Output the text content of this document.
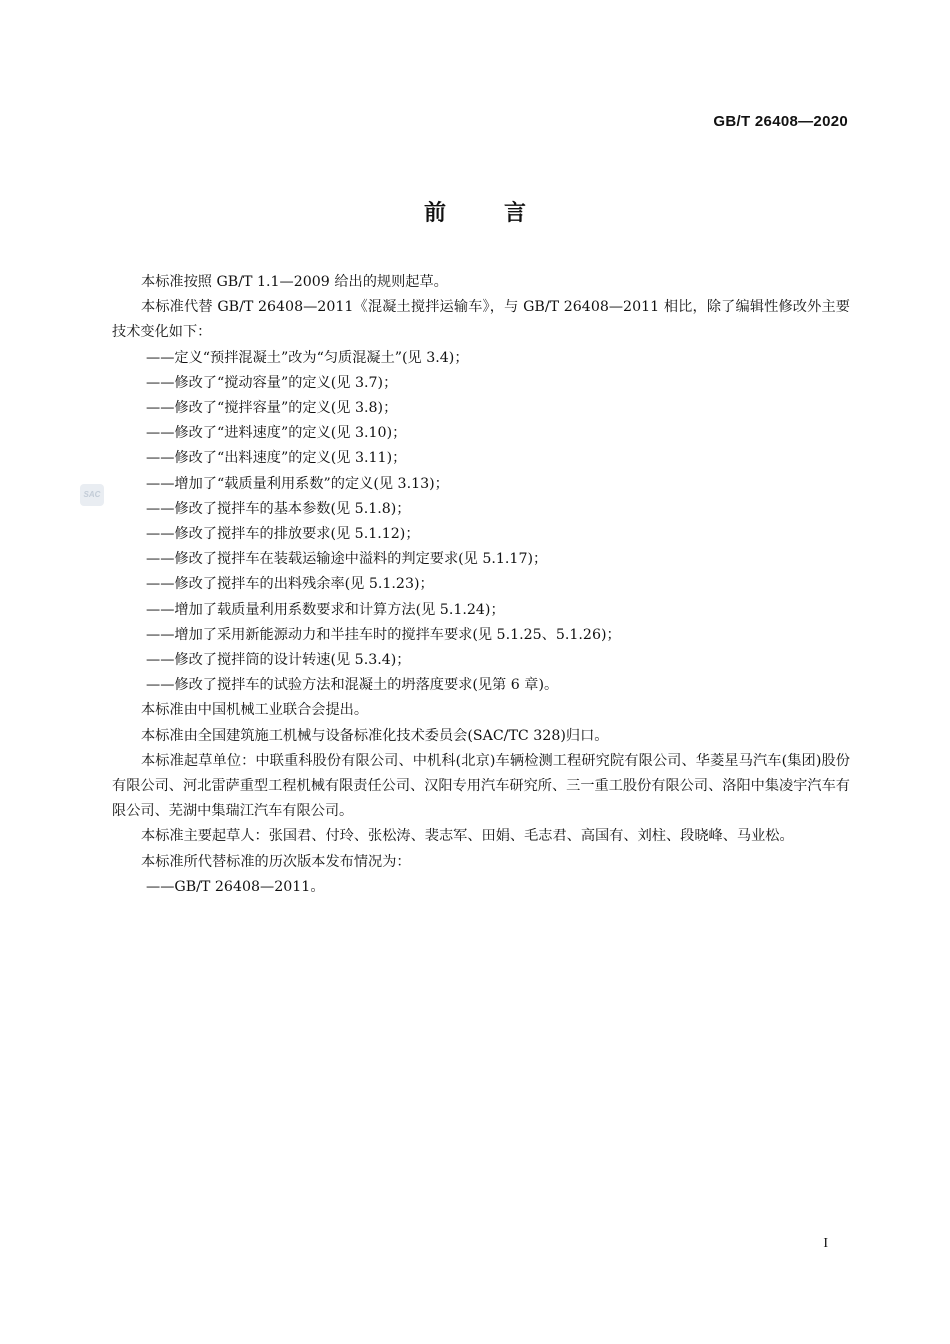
GB/T 26408—2020
前言
SAC

本标准按照 GB/T 1.1—2009 给出的规则起草。

本标准代替 GB/T 26408—2011《混凝土搅拌运输车》，与 GB/T 26408—2011 相比，除了编辑性修改外主要技术变化如下：

——定义“预拌混凝土”改为“匀质混凝土”(见 3.4)；

——修改了“搅动容量”的定义(见 3.7)；

——修改了“搅拌容量”的定义(见 3.8)；

——修改了“进料速度”的定义(见 3.10)；

——修改了“出料速度”的定义(见 3.11)；

——增加了“载质量利用系数”的定义(见 3.13)；

——修改了搅拌车的基本参数(见 5.1.8)；

——修改了搅拌车的排放要求(见 5.1.12)；

——修改了搅拌车在装载运输途中溢料的判定要求(见 5.1.17)；

——修改了搅拌车的出料残余率(见 5.1.23)；

——增加了载质量利用系数要求和计算方法(见 5.1.24)；

——增加了采用新能源动力和半挂车时的搅拌车要求(见 5.1.25、5.1.26)；

——修改了搅拌筒的设计转速(见 5.3.4)；

——修改了搅拌车的试验方法和混凝土的坍落度要求(见第 6 章)。

本标准由中国机械工业联合会提出。

本标准由全国建筑施工机械与设备标准化技术委员会(SAC/TC 328)归口。

本标准起草单位：中联重科股份有限公司、中机科(北京)车辆检测工程研究院有限公司、华菱星马汽车(集团)股份有限公司、河北雷萨重型工程机械有限责任公司、汉阳专用汽车研究所、三一重工股份有限公司、洛阳中集凌宇汽车有限公司、芜湖中集瑞江汽车有限公司。

本标准主要起草人：张国君、付玲、张松涛、裴志军、田娟、毛志君、高国有、刘柱、段晓峰、马业松。

本标准所代替标准的历次版本发布情况为：

——GB/T 26408—2011。

I
